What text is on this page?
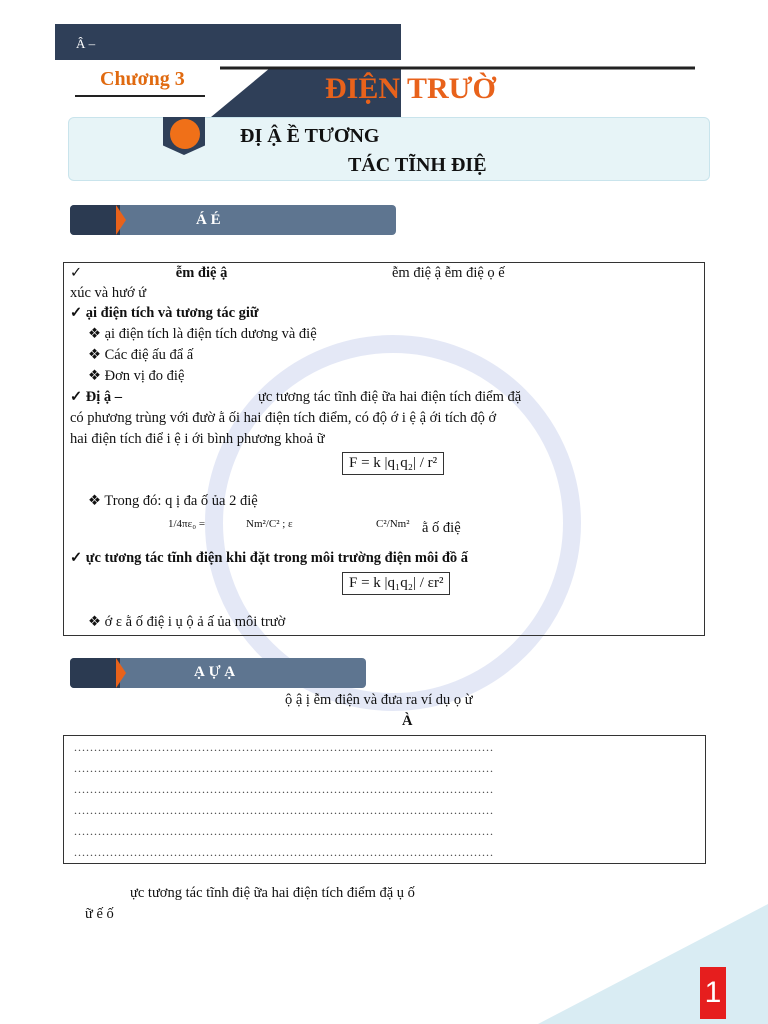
Â –
Chương 3	ĐIỆN TRƯỜ
ĐỊ Ậ Ề TƯƠNG
TÁC TĨNH ĐIỆ
Á É
✓	ễm điệ ậ	ễm điệ ậ ễm điệ ọ ế
xúc và hướ ứ
✓ ại điện tích và tương tác giữ
❖ ại điện tích là điện tích dương và điệ
❖ Các điệ ấu đẩ ấ
❖ Đơn vị đo điệ
✓ Đị ậ –	ực tương tác tĩnh điệ ữa hai điện tích điểm đặ
có phương trùng với đườ ằ ối hai điện tích điểm, có độ ớ i ệ ậ ới tích độ ớ
hai điện tích điể i ệ i ới bình phương khoả ữ
F = k |q₁q₂| / r²
❖ Trong đó: q ị đa ố ủa 2 điệ
1/4πε₀ =	Nm²/C² ; ε	C²/Nm² ằ ố điệ
✓ ực tương tác tĩnh điện khi đặt trong môi trường điện môi đồ ấ
F = k |q₁q₂| / εr²
❖ ớ ε ằ ố điệ i ụ ộ ả ấ ủa môi trườ
Ạ Ự Ạ
ộ ậ ị ễm điện và đưa ra ví dụ ọ ừ
À
.........................................................................................................
.........................................................................................................
.........................................................................................................
.........................................................................................................
.........................................................................................................
.........................................................................................................
ực tương tác tĩnh điệ ữa hai điện tích điểm đặ ụ ố
ữ ế ố
1
